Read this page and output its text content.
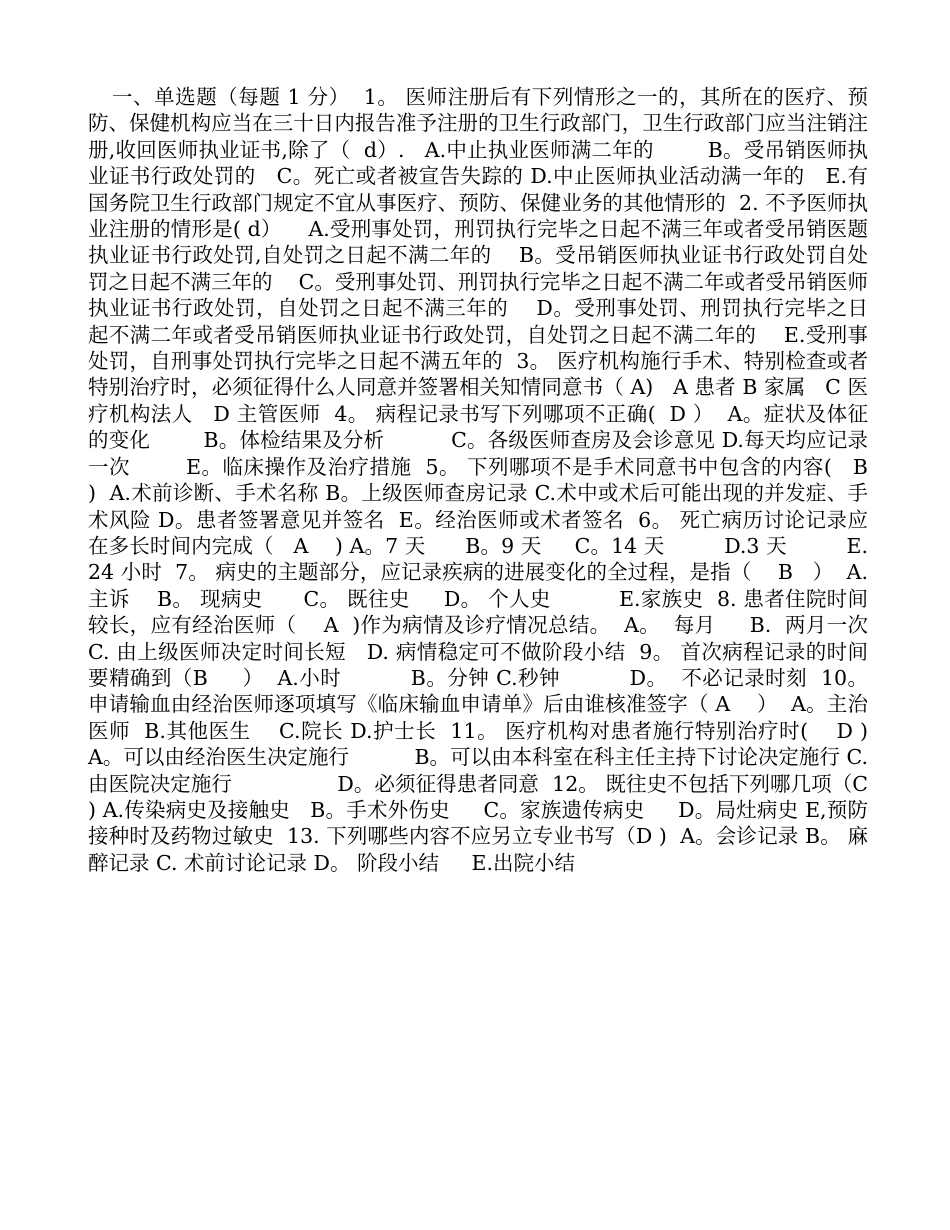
一、单选题（每题 1 分）  1。 医师注册后有下列情形之一的，其所在的医疗、预防、保健机构应当在三十日内报告准予注册的卫生行政部门，卫生行政部门应当注销注册,收回医师执业证书,除了（  d）.   A.中止执业医师满二年的        B。受吊销医师执业证书行政处罚的   C。死亡或者被宣告失踪的 D.中止医师执业活动满一年的   E.有国务院卫生行政部门规定不宜从事医疗、预防、保健业务的其他情形的  2. 不予医师执业注册的情形是( d）    A.受刑事处罚，刑罚执行完毕之日起不满三年或者受吊销医题执业证书行政处罚,自处罚之日起不满二年的    B。受吊销医师执业证书行政处罚自处罚之日起不满三年的    C。受刑事处罚、刑罚执行完毕之日起不满二年或者受吊销医师执业证书行政处罚，自处罚之日起不满三年的    D。受刑事处罚、刑罚执行完毕之日起不满二年或者受吊销医师执业证书行政处罚，自处罚之日起不满二年的    E.受刑事处罚，自刑事处罚执行完毕之日起不满五年的  3。 医疗机构施行手术、特别检查或者特别治疗时，必须征得什么人同意并签署相关知情同意书（ A)   A 患者 B 家属   C 医疗机构法人   D 主管医师  4。 病程记录书写下列哪项不正确(  D ）  A。症状及体征的变化        B。体检结果及分析          C。各级医师查房及会诊意见 D.每天均应记录一次        E。临床操作及治疗措施  5。 下列哪项不是手术同意书中包含的内容(   B    )  A.术前诊断、手术名称 B。上级医师查房记录 C.术中或术后可能出现的并发症、手术风险 D。患者签署意见并签名  E。经治医师或术者签名  6。 死亡病历讨论记录应在多长时间内完成（   A    ) A。7 天      B。9 天     C。14 天         D.3 天         E.24 小时  7。 病史的主题部分，应记录疾病的进展变化的全过程，是指（    B   ）  A. 主诉    B。 现病史      C。 既往史     D。 个人史          E.家族史  8. 患者住院时间较长，应有经治医师（    A  )作为病情及诊疗情况总结。  A。  每月     B.  两月一次  C. 由上级医师决定时间长短   D. 病情稳定可不做阶段小结  9。 首次病程记录的时间要精确到（B     ）  A.小时          B。分钟 C.秒钟          D。  不必记录时刻  10。 申请输血由经治医师逐项填写《临床输血申请单》后由谁核准签字（ A    ）  A。主治医师  B.其他医生    C.院长 D.护士长  11。 医疗机构对患者施行特别治疗时(    D ) A。可以由经治医生决定施行          B。可以由本科室在科主任主持下讨论决定施行 C.由医院决定施行                D。必须征得患者同意  12。 既往史不包括下列哪几项（C ) A.传染病史及接触史   B。手术外伤史     C。家族遗传病史     D。局灶病史 E,预防接种时及药物过敏史  13. 下列哪些内容不应另立专业书写（D )  A。会诊记录 B。 麻醉记录 C. 术前讨论记录 D。 阶段小结     E.出院小结
